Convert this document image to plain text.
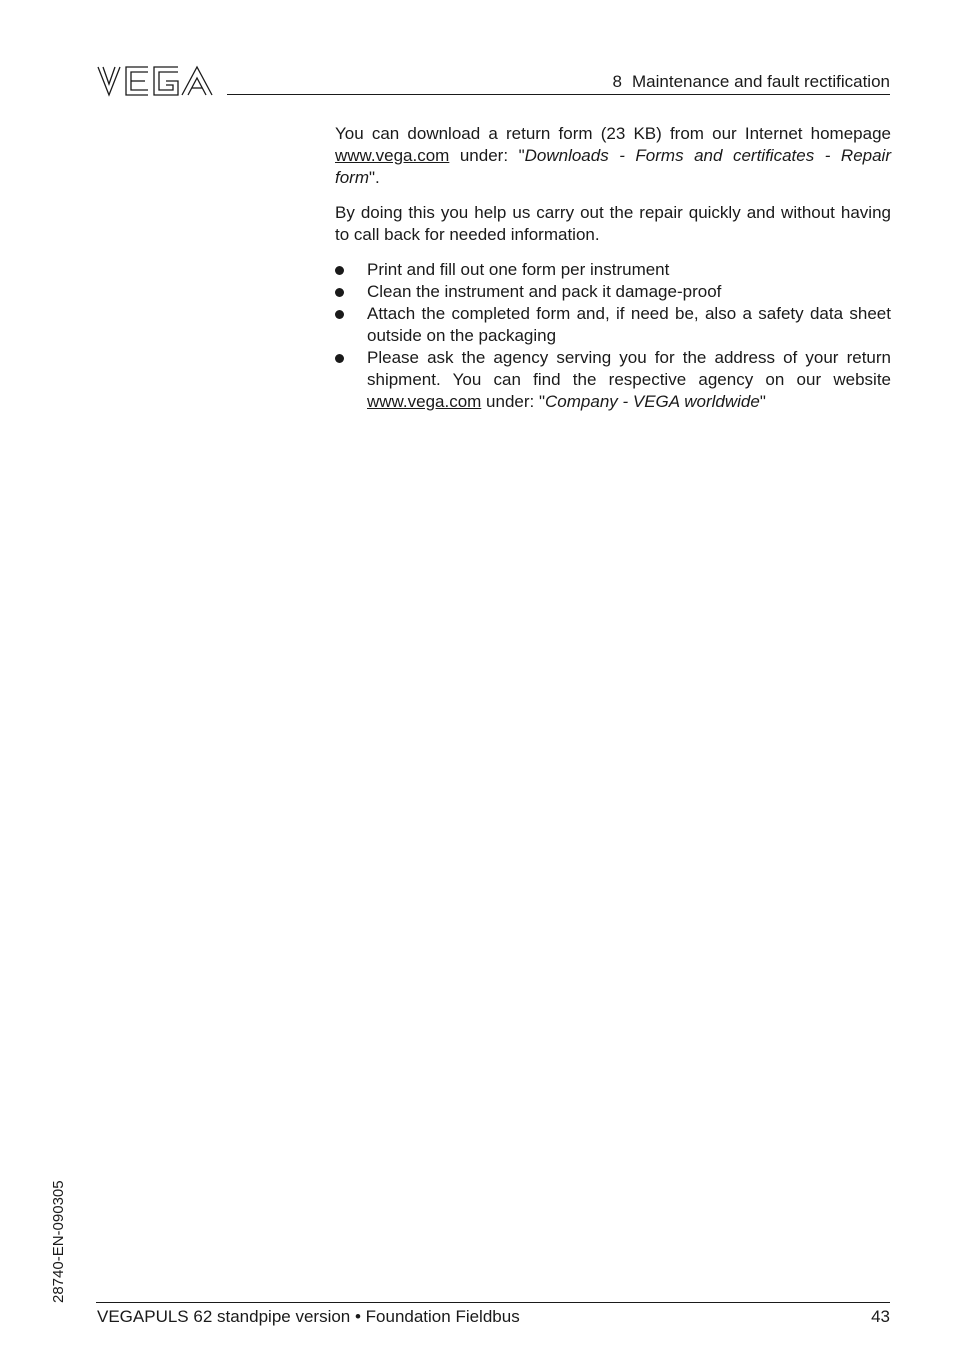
8 Maintenance and fault rectification

You can download a return form (23 KB) from our Internet homepage www.vega.com under: "Downloads - Forms and certificates - Repair form".

By doing this you help us carry out the repair quickly and without having to call back for needed information.

Print and fill out one form per instrument
Clean the instrument and pack it damage-proof
Attach the completed form and, if need be, also a safety data sheet outside on the packaging
Please ask the agency serving you for the address of your return shipment. You can find the respective agency on our website www.vega.com under: "Company - VEGA worldwide"
28740-EN-090305
VEGAPULS 62 standpipe version • Foundation Fieldbus	43
